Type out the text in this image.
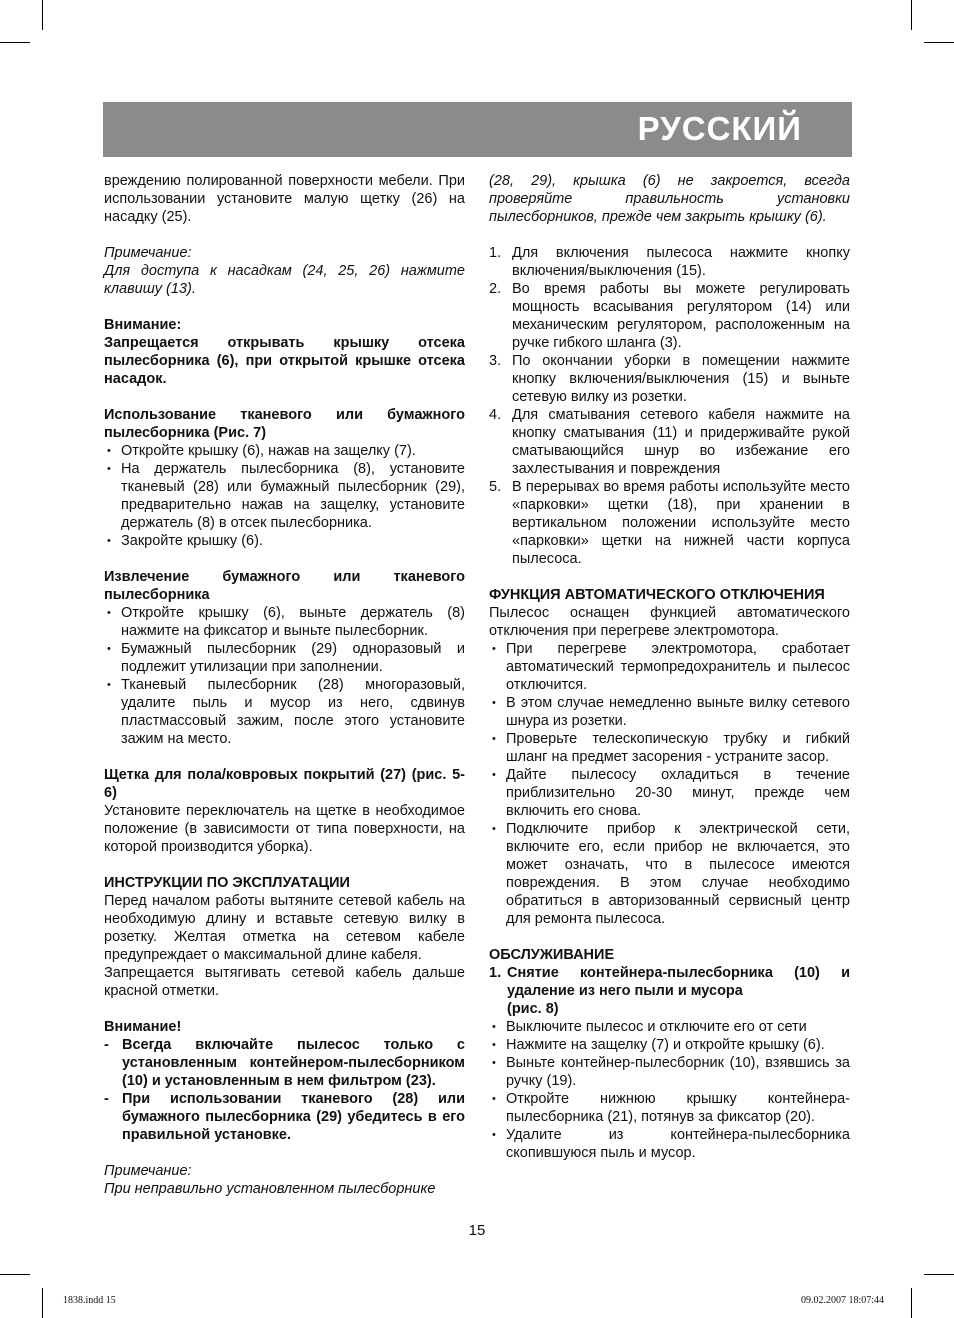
РУССКИЙ

вреждению полированной поверхности мебели. При использовании установите малую щетку (26) на насадку (25).

Примечание:

Для доступа к насадкам (24, 25, 26) нажмите клавишу (13).

Внимание:

Запрещается открывать крышку отсека пылесборника (6), при открытой крышке отсека насадок.

Использование тканевого или бумажного пылесборника (Рис. 7)

• Откройте крышку (6), нажав на защелку (7).
• На держатель пылесборника (8), установите тканевый (28) или бумажный пылесборник (29), предварительно нажав на защелку, установите держатель (8) в отсек пылесборника.
• Закройте крышку (6).

Извлечение бумажного или тканевого пылесборника

• Откройте крышку (6), выньте держатель (8) нажмите на фиксатор и выньте пылесборник.
• Бумажный пылесборник (29) одноразовый и подлежит утилизации при заполнении.
• Тканевый пылесборник (28) многоразовый, удалите пыль и мусор из него, сдвинув пластмассовый зажим, после этого установите зажим на место.

Щетка для пола/ковровых покрытий (27) (рис. 5-6)

Установите переключатель на щетке в необходимое положение (в зависимости от типа поверхности, на которой производится уборка).

ИНСТРУКЦИИ ПО ЭКСПЛУАТАЦИИ

Перед началом работы вытяните сетевой кабель на необходимую длину и вставьте сетевую вилку в розетку. Желтая отметка на сетевом кабеле предупреждает о максимальной длине кабеля.

Запрещается вытягивать сетевой кабель дальше красной отметки.

Внимание!

- Всегда включайте пылесос только с установленным контейнером-пылесборником (10) и установленным в нем фильтром (23).
- При использовании тканевого (28) или бумажного пылесборника (29) убедитесь в его правильной установке.

Примечание:

При неправильно установленном пылесборнике

(28, 29), крышка (6) не закроется, всегда проверяйте правильность установки пылесборников, прежде чем закрыть крышку (6).

1. Для включения пылесоса нажмите кнопку включения/выключения (15).
2. Во время работы вы можете регулировать мощность всасывания регулятором (14) или механическим регулятором, расположенным на ручке гибкого шланга (3).
3. По окончании уборки в помещении нажмите кнопку включения/выключения (15) и выньте сетевую вилку из розетки.
4. Для сматывания сетевого кабеля нажмите на кнопку сматывания (11) и придерживайте рукой сматывающийся шнур во избежание его захлестывания и повреждения
5. В перерывах во время работы используйте место «парковки» щетки (18), при хранении в вертикальном положении используйте место «парковки» щетки на нижней части корпуса пылесоса.

ФУНКЦИЯ АВТОМАТИЧЕСКОГО ОТКЛЮЧЕНИЯ

Пылесос оснащен функцией автоматического отключения при перегреве электромотора.

• При перегреве электромотора, сработает автоматический термопредохранитель и пылесос отключится.
• В этом случае немедленно выньте вилку сетевого шнура из розетки.
• Проверьте телескопическую трубку и гибкий шланг на предмет засорения - устраните засор.
• Дайте пылесосу охладиться в течение приблизительно 20-30 минут, прежде чем включить его снова.
• Подключите прибор к электрической сети, включите его, если прибор не включается, это может означать, что в пылесосе имеются повреждения. В этом случае необходимо обратиться в авторизованный сервисный центр для ремонта пылесоса.

ОБСЛУЖИВАНИЕ

1. Снятие контейнера-пылесборника (10) и удаление из него пыли и мусора
(рис. 8)
• Выключите пылесос и отключите его от сети
• Нажмите на защелку (7) и откройте крышку (6).
• Выньте контейнер-пылесборник (10), взявшись за ручку (19).
• Откройте нижнюю крышку контейнера-пылесборника (21), потянув за фиксатор (20).
• Удалите из контейнера-пылесборника скопившуюся пыль и мусор.
15
1838.indd 15	09.02.2007 18:07:44
